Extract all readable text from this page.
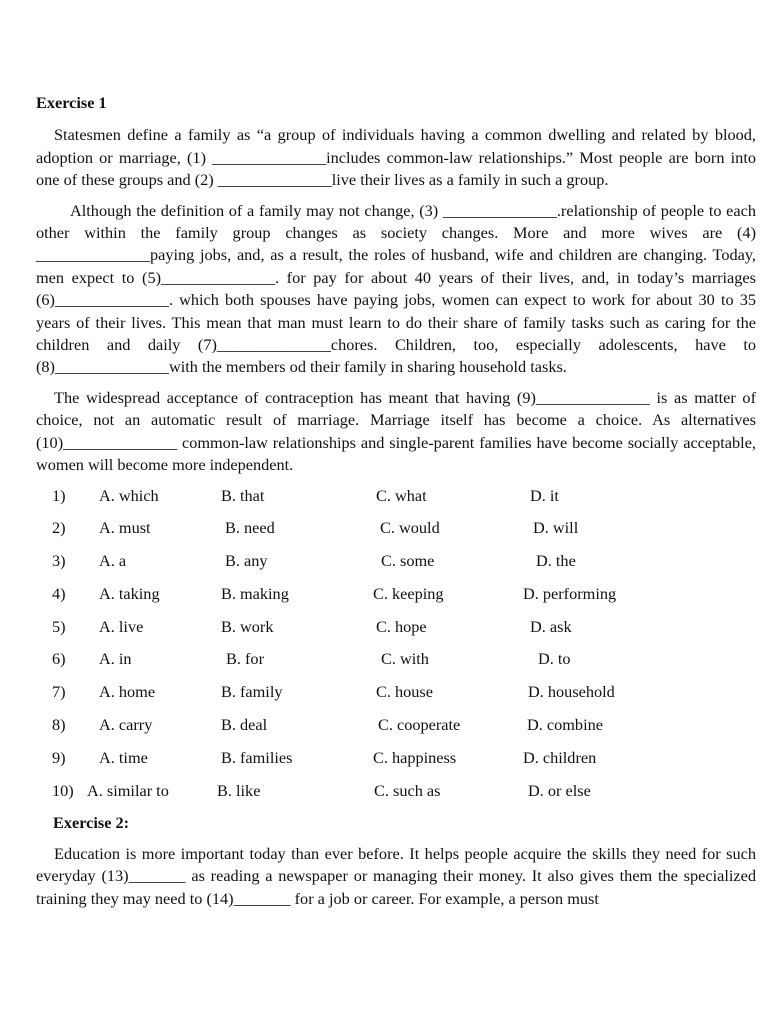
Exercise 1

Statesmen define a family as “a group of individuals having a common dwelling and related by blood, adoption or marriage, (1) ______________includes common-law relationships.” Most people are born into one of these groups and (2) ______________live their lives as a family in such a group.

Although the definition of a family may not change, (3) ______________.relationship of people to each other within the family group changes as society changes. More and more wives are (4) ______________paying jobs, and, as a result, the roles of husband, wife and children are changing. Today, men expect to (5)______________. for pay for about 40 years of their lives, and, in today’s marriages (6)______________. which both spouses have paying jobs, women can expect to work for about 30 to 35 years of their lives. This mean that man must learn to do their share of family tasks such as caring for the children and daily (7)______________chores. Children, too, especially adolescents, have to (8)______________with the members od their family in sharing household tasks.

The widespread acceptance of contraception has meant that having (9)______________ is as matter of choice, not an automatic result of marriage. Marriage itself has become a choice. As alternatives (10)______________ common-law relationships and single-parent families have become socially acceptable, women will become more independent.

1) A. which	B. that	C. what	D. it
2) A. must	B. need	C. would	D. will
3) A. a	B. any	C. some	D. the
4) A. taking	B. making	C. keeping	D. performing
5) A. live	B. work	C. hope	D. ask
6) A. in	B. for	C. with	D. to
7) A. home	B. family	C. house	D. household
8) A. carry	B. deal	C. cooperate	D. combine
9) A. time	B. families	C. happiness	D. children
10) A. similar to	B. like	C. such as	D. or else
Exercise 2:

Education is more important today than ever before. It helps people acquire the skills they need for such everyday (13)_______ as reading a newspaper or managing their money. It also gives them the specialized training they may need to (14)_______ for a job or career. For example, a person must
